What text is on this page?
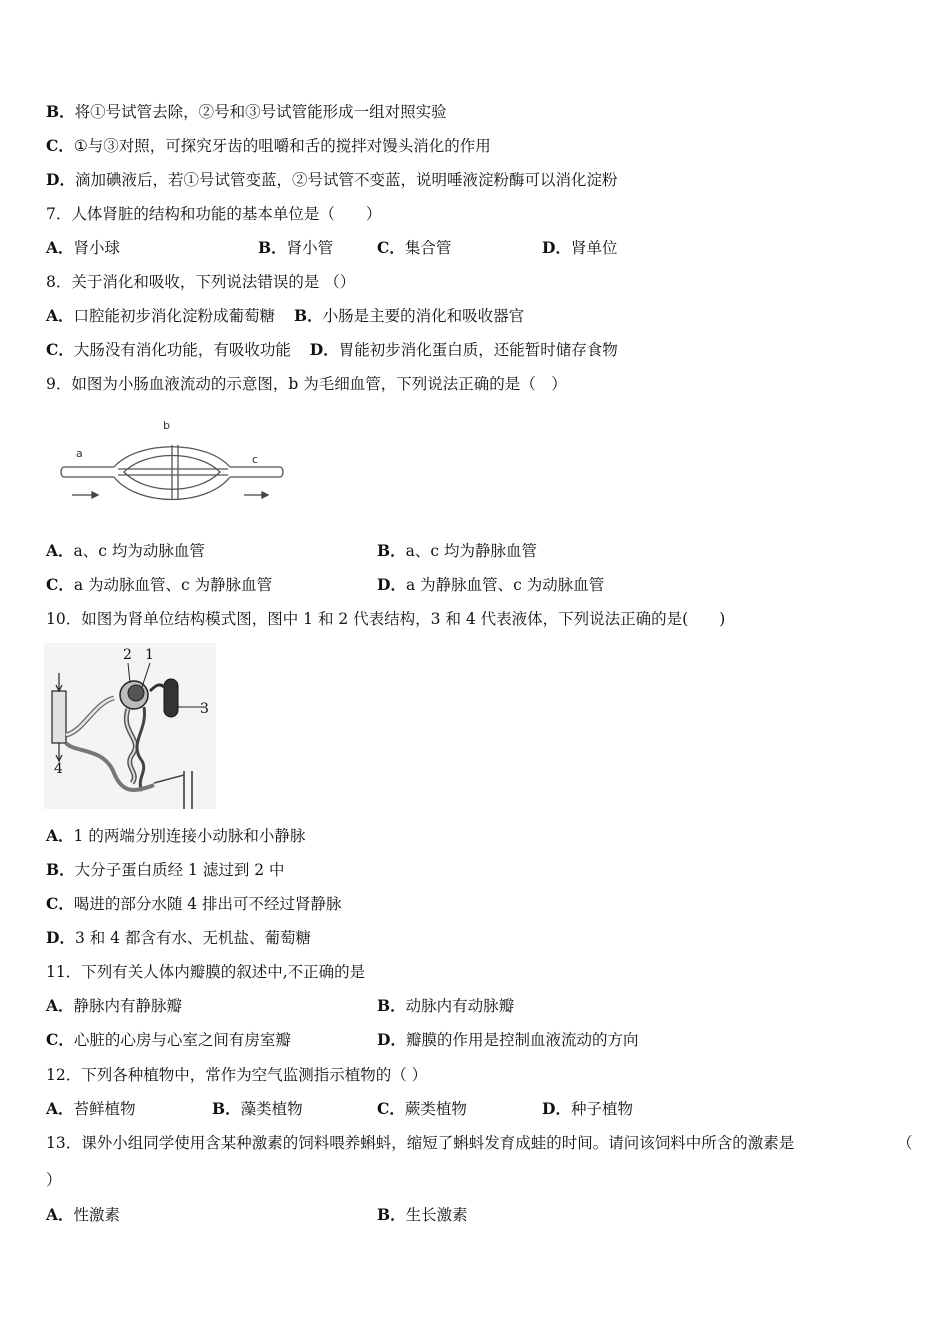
B．将①号试管去除，②号和③号试管能形成一组对照实验
C．①与③对照，可探究牙齿的咀嚼和舌的搅拌对馒头消化的作用
D．滴加碘液后，若①号试管变蓝，②号试管不变蓝，说明唾液淀粉酶可以消化淀粉
7．人体肾脏的结构和功能的基本单位是（　　）
A．肾小球	B．肾小管	C．集合管	D．肾单位
8．关于消化和吸收，下列说法错误的是 （）
A．口腔能初步消化淀粉成葡萄糖 B．小肠是主要的消化和吸收器官
C．大肠没有消化功能，有吸收功能 D．胃能初步消化蛋白质，还能暂时储存食物
9．如图为小肠血液流动的示意图，b 为毛细血管，下列说法正确的是（　）
a
b
c
A．a、c 均为动脉血管	B．a、c 均为静脉血管
C．a 为动脉血管、c 为静脉血管	D．a 为静脉血管、c 为动脉血管
10．如图为肾单位结构模式图，图中 1 和 2 代表结构，3 和 4 代表液体，下列说法正确的是(　　)
2 1
3
4
A．1 的两端分别连接小动脉和小静脉
B．大分子蛋白质经 1 滤过到 2 中
C．喝进的部分水随 4 排出可不经过肾静脉
D．3 和 4 都含有水、无机盐、葡萄糖
11．下列有关人体内瓣膜的叙述中,不正确的是
A．静脉内有静脉瓣	B．动脉内有动脉瓣
C．心脏的心房与心室之间有房室瓣	D．瓣膜的作用是控制血液流动的方向
12．下列各种植物中，常作为空气监测指示植物的（ ）
A．苔鲜植物	B．藻类植物	C．蕨类植物	D．种子植物
13．课外小组同学使用含某种激素的饲料喂养蝌蚪，缩短了蝌蚪发育成蛙的时间。请问该饲料中所含的激素是	（
）
A．性激素	B．生长激素
